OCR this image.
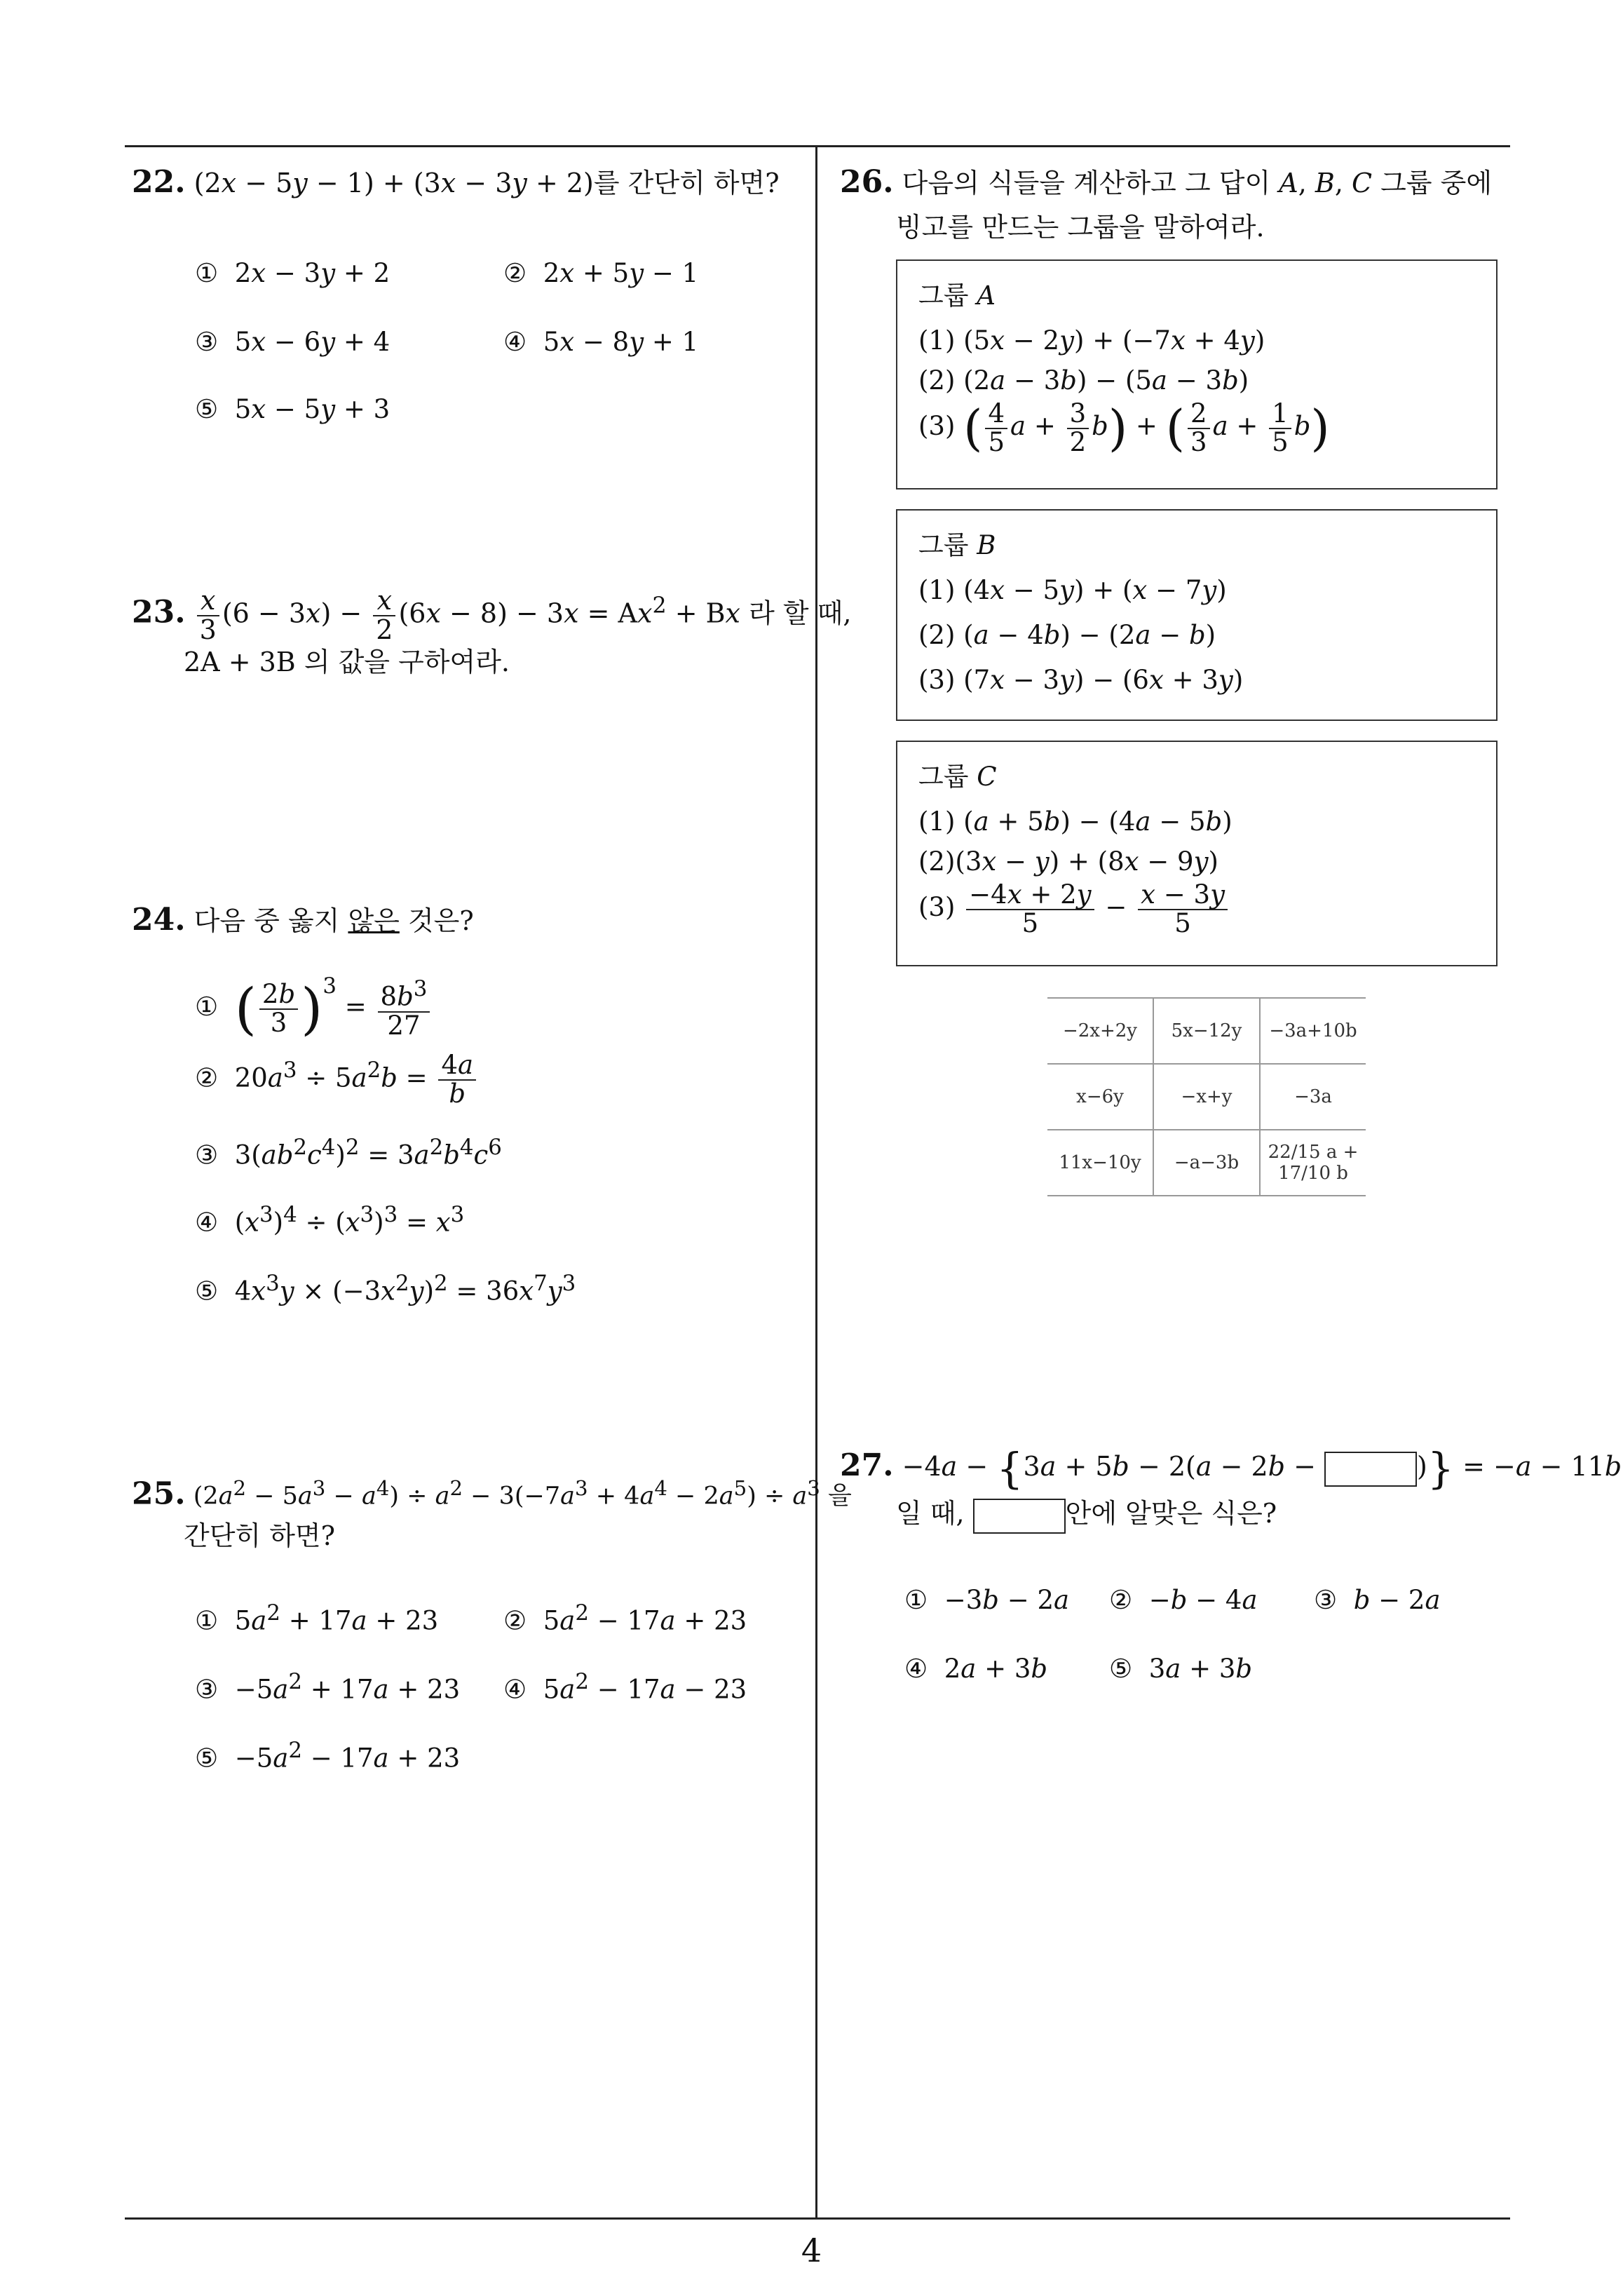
22. (2x − 5y − 1) + (3x − 3y + 2)를 간단히 하면?
①  2x − 3y + 2	②  2x + 5y − 1
③  5x − 6y + 4	④  5x − 8y + 1
⑤  5x − 5y + 3
23. $\frac{x}{3} (6 - 3x) - \frac{x}{2} (6x - 8) - 3x = Ax^2 + Bx$ 라 할 때,
2A + 3B 의 값을 구하여라.
24. 다음 중 옳지 않은 것은?
① ( $\frac{2b}{3} )^3 = \frac{8b^3}{27}$
②  $20a^3 \div 5a^2b = \frac{4a}{b}$
③  $3(ab^2c^4)^2 = 3a^2b^4c^6$
④  $(x^3)^4 \div (x^3)^3 = x^3$
⑤  $4x^3y \times (-3x^2y)^2 = 36x^7y^3$
25. $(2a^2 - 5a^3 - a^4) \div a^2 - 3(-7a^3 + 4a^4 - 2a^5) \div a^3$ 을
간단히 하면?
①  $5a^2 + 17a + 23$	②  $5a^2 - 17a + 23$
③  $-5a^2 + 17a + 23$ ④  $5a^2 - 17a - 23$
⑤  $-5a^2 - 17a + 23$
26. 다음의 식들을 계산하고 그 답이 A, B, C 그룹 중에
빙고를 만드는 그룹을 말하여라.
그룹 A
(1) (5x − 2y) + (−7x + 4y)
(2) (2a − 3b) − (5a − 3b)
(3) ( $\frac{4}{5}$ $a + \frac{3}{2} b$) + ( $\frac{2}{3}$ $a + \frac{1}{5} b$)
그룹 B
(1) (4x − 5y) + (x − 7y)
(2) (a − 4b) − (2a − b)
(3) (7x − 3y) − (6x + 3y)
그룹 C
(1) (a + 5b) − (4a − 5b)
(2)(3x − y) + (8x − 9y)
$(3) \frac{-4x + 2y}{5} - \frac{x - 3y}{5}$
−2x+2y	5x−12y	−3a+10b
x−6y	−x+y	−3a
11x−10y	−a−3b	22/15 a + 17/10 b
27. −4a − {3a + 5b − 2(a − 2b −	)} = −a − 11b
일 때,	안에 알맞은 식은?
①  −3b − 2a ②  −b − 4a ③ b − 2a
④  2a + 3b ⑤  3a + 3b
4
